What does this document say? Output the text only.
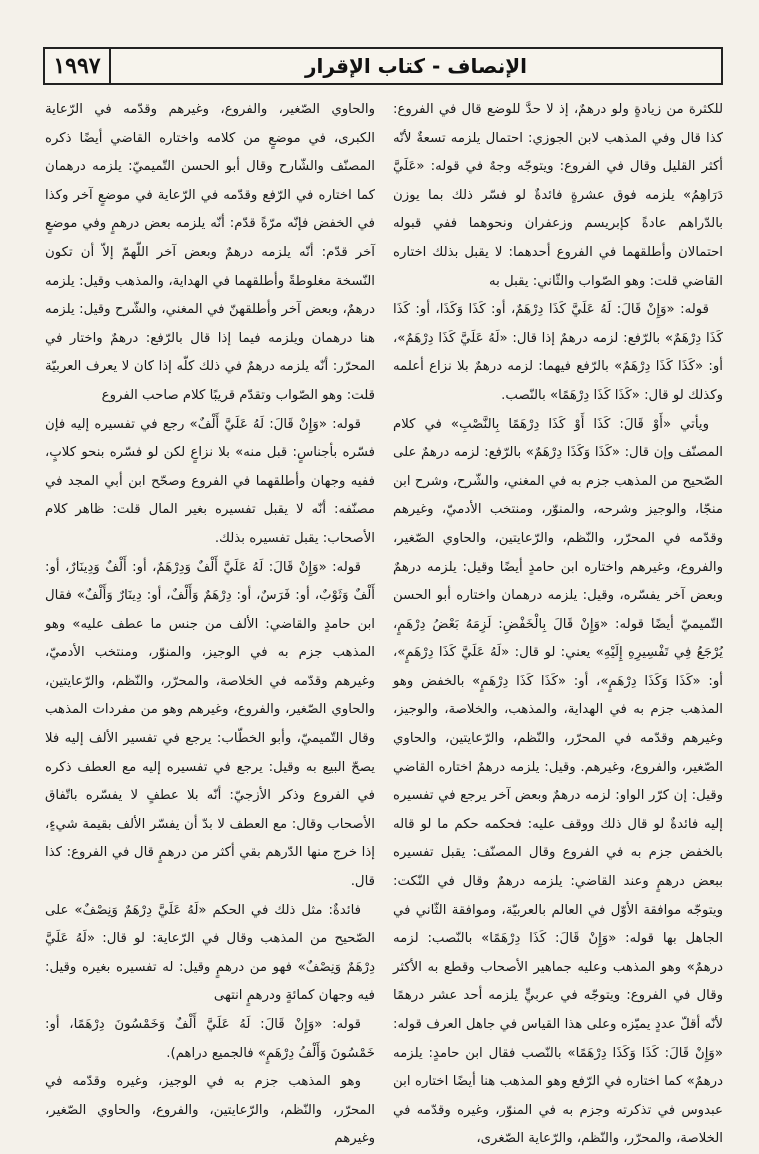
١٩٩٧	الإنصاف - كتاب الإقرار

للكثرة من زيادةٍ ولو درهمٌ، إذ لا حدَّ للوضع قال في الفروع: كذا قال وفي المذهب لابن الجوزي: احتمال يلزمه تسعةٌ لأنّه أكثر القليل وقال في الفروع: ويتوجّه وجهٌ في قوله: «عَلَيَّ دَرَاهِمُ» يلزمه فوق عشرةٍ فائدةٌ لو فسّر ذلك بما يوزن بالدّراهم عادةً كإبريسم وزعفران ونحوهما ففي قبوله احتمالان وأطلقهما في الفروع أحدهما: لا يقبل بذلك اختاره القاضي قلت: وهو الصّواب والثّاني: يقبل به

قوله: «وَإِنْ قَالَ: لَهُ عَلَيَّ كَذَا دِرْهَمٌ، أو: كَذَا وَكَذَا، أو: كَذَا كَذَا دِرْهَمٌ» بالرّفع: لزمه درهمٌ إذا قال: «لَهُ عَلَيَّ كَذَا دِرْهَمٌ»، أو: «كَذَا كَذَا دِرْهَمٌ» بالرّفع فيهما: لزمه درهمٌ بلا نزاع أعلمه وكذلك لو قال: «كَذَا كَذَا دِرْهَمًا» بالنّصب.

ويأتي «أَوْ قَالَ: كَذَا أَوْ كَذَا دِرْهَمًا بِالنَّصْبِ» في كلام المصنّف وإن قال: «كَذَا وَكَذَا دِرْهَمٌ» بالرّفع: لزمه درهمٌ على الصّحيح من المذهب جزم به في المغني، والشّرح، وشرح ابن منجّا، والوجيز وشرحه، والمنوّر، ومنتخب الأدميّ، وغيرهم وقدّمه في المحرّر، والنّظم، والرّعايتين، والحاوي الصّغير، والفروع، وغيرهم واختاره ابن حامدٍ أيضًا وقيل: يلزمه درهمٌ وبعض آخر يفسّره، وقيل: يلزمه درهمان واختاره أبو الحسن التّميميّ أيضًا قوله: «وَإِنْ قَالَ بِالْخَفْضِ: لَزِمَهُ بَعْضُ دِرْهَمٍ، يُرْجَعُ فِي تَفْسِيرِهِ إِلَيْهِ» يعني: لو قال: «لَهُ عَلَيَّ كَذَا دِرْهَمٍ»، أو: «كَذَا وَكَذَا دِرْهَمٍ»، أو: «كَذَا كَذَا دِرْهَمٍ» بالخفض وهو المذهب جزم به في الهداية، والمذهب، والخلاصة، والوجيز، وغيرهم وقدّمه في المحرّر، والنّظم، والرّعايتين، والحاوي الصّغير، والفروع، وغيرهم. وقيل: يلزمه درهمٌ اختاره القاضي وقيل: إن كرّر الواو: لزمه درهمٌ وبعض آخر يرجع في تفسيره إليه فائدةٌ لو قال ذلك ووقف عليه: فحكمه حكم ما لو قاله بالخفض جزم به في الفروع وقال المصنّف: يقبل تفسيره ببعض درهمٍ وعند القاضي: يلزمه درهمٌ وقال في النّكت: ويتوجّه موافقة الأوّل في العالم بالعربيّة، وموافقة الثّاني في الجاهل بها قوله: «وَإِنْ قَالَ: كَذَا دِرْهَمًا» بالنّصب: لزمه درهمٌ» وهو المذهب وعليه جماهير الأصحاب وقطع به الأكثر وقال في الفروع: ويتوجّه في عربيٍّ يلزمه أحد عشر درهمًا لأنّه أقلّ عددٍ يميّزه وعلى هذا القياس في جاهل العرف قوله: «وَإِنْ قَالَ: كَذَا وَكَذَا دِرْهَمًا» بالنّصب فقال ابن حامدٍ: يلزمه درهمٌ» كما اختاره في الرّفع وهو المذهب هنا أيضًا اختاره ابن عبدوس في تذكرته وجزم به في المنوّر، وغيره وقدّمه في الخلاصة، والمحرّر، والنّظم، والرّعاية الصّغرى،

والحاوي الصّغير، والفروع، وغيرهم وقدّمه في الرّعاية الكبرى، في موضعٍ من كلامه واختاره القاضي أيضًا ذكره المصنّف والشّارح وقال أبو الحسن التّميميّ: يلزمه درهمان كما اختاره في الرّفع وقدّمه في الرّعاية في موضعٍ آخر وكذا في الخفض فإنّه مرّةً قدّم: أنّه يلزمه بعض درهمٍ وفي موضعٍ آخر قدّم: أنّه يلزمه درهمٌ وبعض آخر اللّهمّ إلاّ أن تكون النّسخة مغلوطةً وأطلقهما في الهداية، والمذهب وقيل: يلزمه درهمٌ، وبعض آخر وأطلقهنّ في المغني، والشّرح وقيل: يلزمه هنا درهمان ويلزمه فيما إذا قال بالرّفع: درهمٌ واختار في المحرّر: أنّه يلزمه درهمٌ في ذلك كلّه إذا كان لا يعرف العربيّة قلت: وهو الصّواب وتقدّم قريبًا كلام صاحب الفروع

قوله: «وَإِنْ قَالَ: لَهُ عَلَيَّ أَلْفٌ» رجع في تفسيره إليه فإن فسّره بأجناسٍ: قبل منه» بلا نزاعٍ لكن لو فسّره بنحو كلابٍ، ففيه وجهان وأطلقهما في الفروع وصحّح ابن أبي المجد في مصنّفه: أنّه لا يقبل تفسيره بغير المال قلت: ظاهر كلام الأصحاب: يقبل تفسيره بذلك.

قوله: «وَإِنْ قَالَ: لَهُ عَلَيَّ أَلْفٌ وَدِرْهَمٌ، أو: أَلْفٌ وَدِينَارٌ، أو: أَلْفٌ وَثَوْبٌ، أو: فَرَسٌ، أو: دِرْهَمٌ وَأَلْفٌ، أو: دِينَارٌ وَأَلْفٌ» فقال ابن حامدٍ والقاضي: الألف من جنس ما عطف عليه» وهو المذهب جزم به في الوجيز، والمنوّر، ومنتخب الأدميّ، وغيرهم وقدّمه في الخلاصة، والمحرّر، والنّظم، والرّعايتين، والحاوي الصّغير، والفروع، وغيرهم وهو من مفردات المذهب وقال التّميميّ، وأبو الخطّاب: يرجع في تفسير الألف إليه فلا يصحّ البيع به وقيل: يرجع في تفسيره إليه مع العطف ذكره في الفروع وذكر الأزجيّ: أنّه بلا عطفٍ لا يفسّره باتّفاق الأصحاب وقال: مع العطف لا بدّ أن يفسّر الألف بقيمة شيءٍ، إذا خرج منها الدّرهم بقي أكثر من درهمٍ قال في الفروع: كذا قال.

فائدةٌ: مثل ذلك في الحكم «لَهُ عَلَيَّ دِرْهَمٌ وَنِصْفٌ» على الصّحيح من المذهب وقال في الرّعاية: لو قال: «لَهُ عَلَيَّ دِرْهَمٌ وَنِصْفٌ» فهو من درهمٍ وقيل: له تفسيره بغيره وقيل: فيه وجهان كمائةٍ ودرهمٍ انتهى

قوله: «وَإِنْ قَالَ: لَهُ عَلَيَّ أَلْفٌ وَخَمْسُونَ دِرْهَمًا، أو: خَمْسُونَ وَأَلْفُ دِرْهَمٍ» فالجميع دراهم).

وهو المذهب جزم به في الوجيز، وغيره وقدّمه في المحرّر، والنّظم، والرّعايتين، والفروع، والحاوي الصّغير، وغيرهم
